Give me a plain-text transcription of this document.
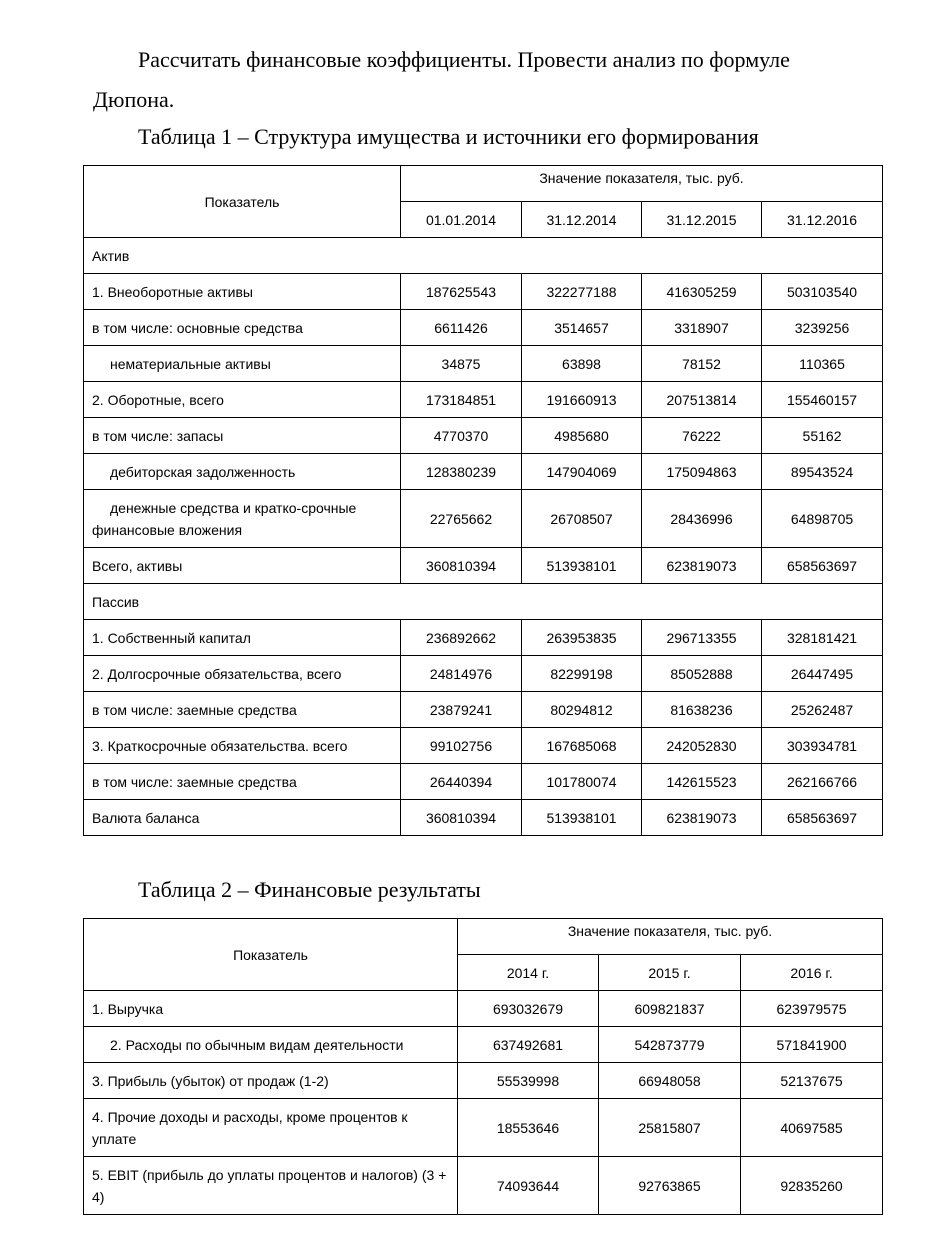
Рассчитать финансовые коэффициенты. Провести анализ по формуле
Дюпона.

Таблица 1 – Структура имущества и источники его формирования
Показатель	Значение показателя, тыс. руб.			
	01.01.2014	31.12.2014	31.12.2015	31.12.2016
Актив				
1. Внеоборотные активы	187625543	322277188	416305259	503103540
в том числе: основные средства	6611426	3514657	3318907	3239256
нематериальные активы	34875	63898	78152	110365
2. Оборотные, всего	173184851	191660913	207513814	155460157
в том числе: запасы	4770370	4985680	76222	55162
дебиторская задолженность	128380239	147904069	175094863	89543524
денежные средства и кратко-срочные финансовые вложения	22765662	26708507	28436996	64898705
Всего, активы	360810394	513938101	623819073	658563697
Пассив				
1. Собственный капитал	236892662	263953835	296713355	328181421
2. Долгосрочные обязательства, всего	24814976	82299198	85052888	26447495
в том числе: заемные средства	23879241	80294812	81638236	25262487
3. Краткосрочные обязательства. всего	99102756	167685068	242052830	303934781
в том числе: заемные средства	26440394	101780074	142615523	262166766
Валюта баланса	360810394	513938101	623819073	658563697
Таблица 2 – Финансовые результаты
Показатель	Значение показателя, тыс. руб.		
	2014 г.	2015 г.	2016 г.
1. Выручка	693032679	609821837	623979575
2. Расходы по обычным видам деятельности	637492681	542873779	571841900
3. Прибыль (убыток) от продаж (1-2)	55539998	66948058	52137675
4. Прочие доходы и расходы, кроме процентов к уплате	18553646	25815807	40697585
5. EBIT (прибыль до уплаты процентов и налогов) (3 + 4)	74093644	92763865	92835260
